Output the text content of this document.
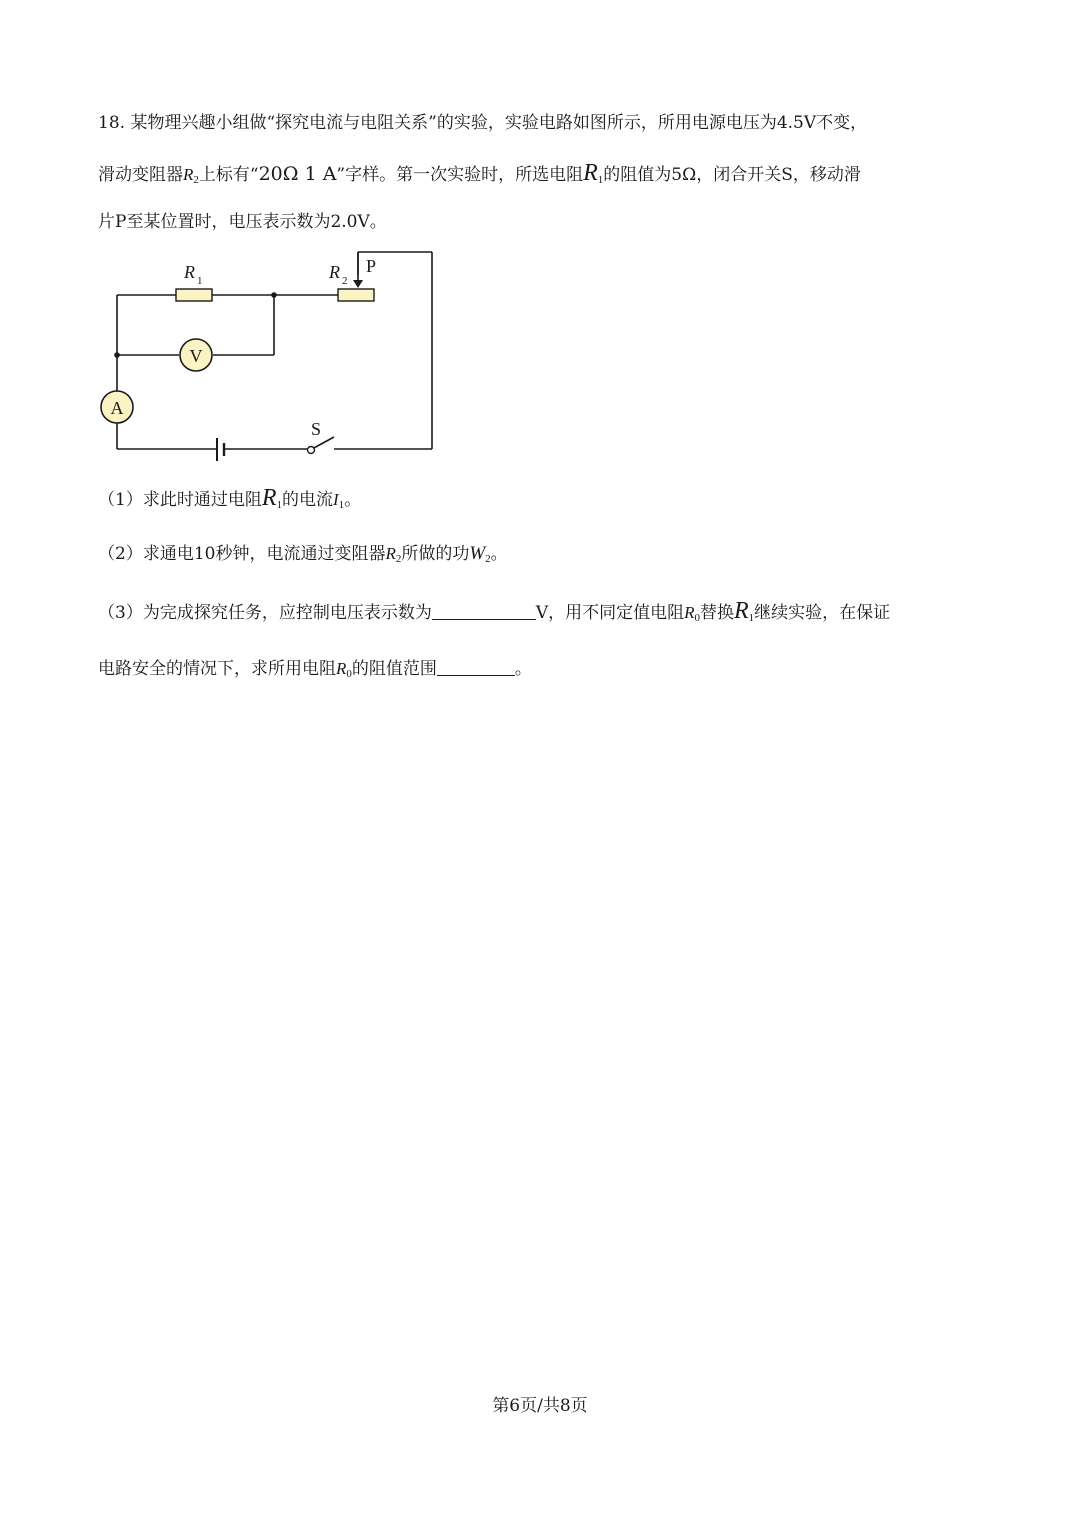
18. 某物理兴趣小组做“探究电流与电阻关系”的实验，实验电路如图所示，所用电源电压为4.5V不变，
滑动变阻器$R_2$上标有“20Ω 1 A”字样。第一次实验时，所选电阻$R_1$的阻值为5Ω，闭合开关S，移动滑
片P至某位置时，电压表示数为2.0V。
V
A
R 1	R 2
P
S
（1）求此时通过电阻$R_1$的电流$I_1$。
（2）求通电10秒钟，电流通过变阻器$R_2$所做的功$W_2$。
（3）为完成探究任务，应控制电压表示数为	V，用不同定值电阻$R_0$替换$R_1$继续实验，在保证
电路安全的情况下，求所用电阻$R_0$的阻值范围	。
第6页/共8页
